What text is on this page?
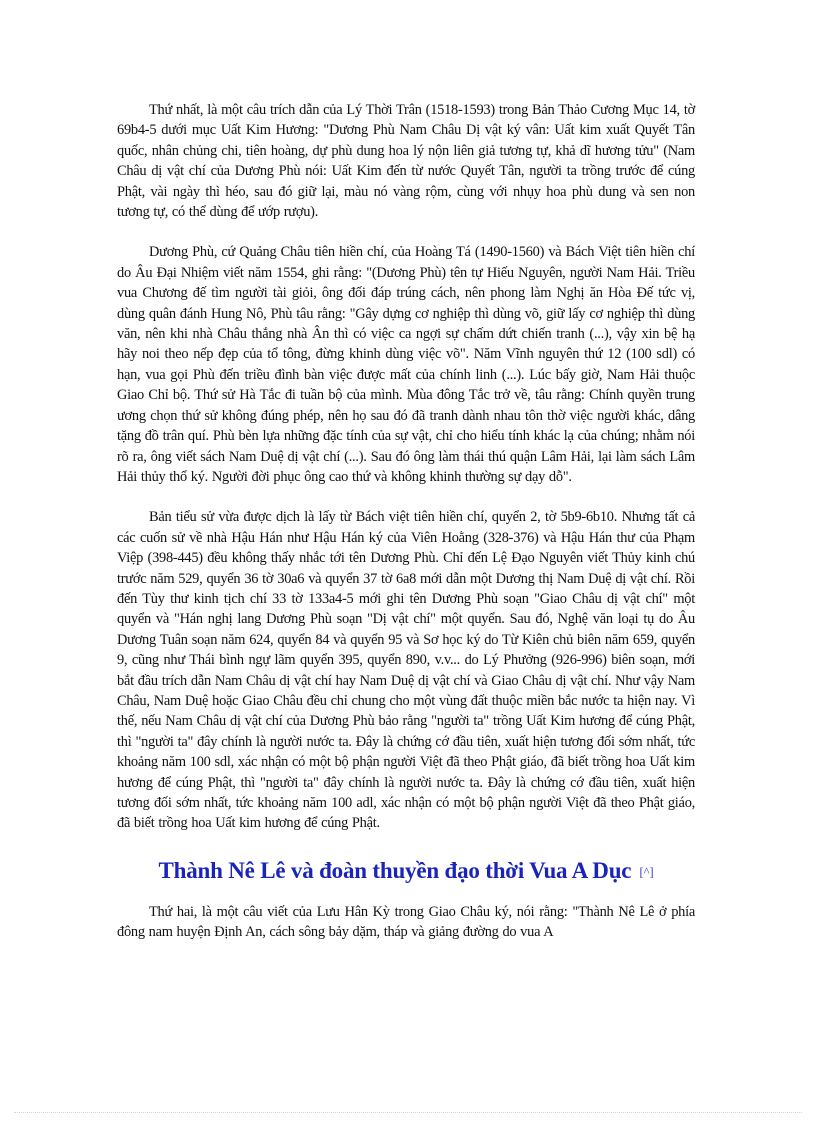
Thứ nhất, là một câu trích dẫn của Lý Thời Trân (1518-1593) trong Bản Thảo Cương Mục 14, tờ 69b4-5 dưới mục Uất Kim Hương: "Dương Phù Nam Châu Dị vật ký vân: Uất kim xuất Quyết Tân quốc, nhân chủng chi, tiên hoàng, dự phù dung hoa lý nộn liên giả tương tự, khả dĩ hương tửu" (Nam Châu dị vật chí của Dương Phù nói: Uất Kim đến từ nước Quyết Tân, người ta trồng trước để cúng Phật, vài ngày thì héo, sau đó giữ lại, màu nó vàng rộm, cùng với nhụy hoa phù dung và sen non tương tự, có thể dùng để ướp rượu).

Dương Phù, cứ Quảng Châu tiên hiền chí, của Hoàng Tá (1490-1560) và Bách Việt tiên hiền chí do Âu Đại Nhiệm viết năm 1554, ghi rằng: "(Dương Phù) tên tự Hiếu Nguyên, người Nam Hải. Triều vua Chương đế tìm người tài giỏi, ông đối đáp trúng cách, nên phong làm Nghị ăn Hòa Đế tức vị, dùng quân đánh Hung Nô, Phù tâu rằng: "Gây dựng cơ nghiệp thì dùng võ, giữ lấy cơ nghiệp thì dùng văn, nên khi nhà Châu thắng nhà Ân thì có việc ca ngợi sự chấm dứt chiến tranh (...), vậy xin bệ hạ hãy noi theo nếp đẹp của tổ tông, đừng khinh dùng việc võ". Năm Vĩnh nguyên thứ 12 (100 sdl) có hạn, vua gọi Phù đến triều đình bàn việc được mất của chính linh (...). Lúc bấy giờ, Nam Hải thuộc Giao Chỉ bộ. Thứ sử Hà Tắc đi tuần bộ của mình. Mùa đông Tắc trở về, tâu rằng: Chính quyền trung ương chọn thứ sử không đúng phép, nên họ sau đó đã tranh dành nhau tôn thờ việc người khác, dâng tặng đồ trân quí. Phù bèn lựa những đặc tính của sự vật, chỉ cho hiểu tính khác lạ của chúng; nhằm nói rõ ra, ông viết sách Nam Duệ dị vật chí (...). Sau đó ông làm thái thú quận Lâm Hải, lại làm sách Lâm Hải thủy thổ ký. Người đời phục ông cao thứ và không khinh thường sự dạy dỗ".

Bản tiểu sử vừa được dịch là lấy từ Bách việt tiên hiền chí, quyển 2, tờ 5b9-6b10. Nhưng tất cả các cuốn sử về nhà Hậu Hán như Hậu Hán ký của Viên Hoằng (328-376) và Hậu Hán thư của Phạm Việp (398-445) đều không thấy nhắc tới tên Dương Phù. Chỉ đến Lệ Đạo Nguyên viết Thủy kinh chú trước năm 529, quyển 36 tờ 30a6 và quyển 37 tờ 6a8 mới dẫn một Dương thị Nam Duệ dị vật chí. Rồi đến Tùy thư kinh tịch chí 33 tờ 133a4-5 mới ghi tên Dương Phù soạn "Giao Châu dị vật chí" một quyển và "Hán nghị lang Dương Phù soạn "Dị vật chí" một quyển. Sau đó, Nghệ văn loại tụ do Âu Dương Tuân soạn năm 624, quyển 84 và quyển 95 và Sơ học ký do Từ Kiên chủ biên năm 659, quyển 9, cũng như Thái bình ngự lãm quyển 395, quyển 890, v.v... do Lý Phưởng (926-996) biên soạn, mới bắt đầu trích dẫn Nam Châu dị vật chí hay Nam Duệ dị vật chí và Giao Châu dị vật chí. Như vậy Nam Châu, Nam Duệ hoặc Giao Châu đều chỉ chung cho một vùng đất thuộc miền bắc nước ta hiện nay. Vì thế, nếu Nam Châu dị vật chí của Dương Phù bảo rằng "người ta" trồng Uất Kim hương để cúng Phật, thì "người ta" đây chính là người nước ta. Đây là chứng cớ đầu tiên, xuất hiện tương đối sớm nhất, tức khoảng năm 100 sdl, xác nhận có một bộ phận người Việt đã theo Phật giáo, đã biết trồng hoa Uất kim hương để cúng Phật, thì "người ta" đây chính là người nước ta. Đây là chứng cớ đầu tiên, xuất hiện tương đối sớm nhất, tức khoảng năm 100 adl, xác nhận có một bộ phận người Việt đã theo Phật giáo, đã biết trồng hoa Uất kim hương để cúng Phật.

Thành Nê Lê và đoàn thuyền đạo thời Vua A Dục [^]

Thứ hai, là một câu viết của Lưu Hân Kỳ trong Giao Châu ký, nói rằng: "Thành Nê Lê ở phía đông nam huyện Định An, cách sông bảy dặm, tháp và giảng đường do vua A
